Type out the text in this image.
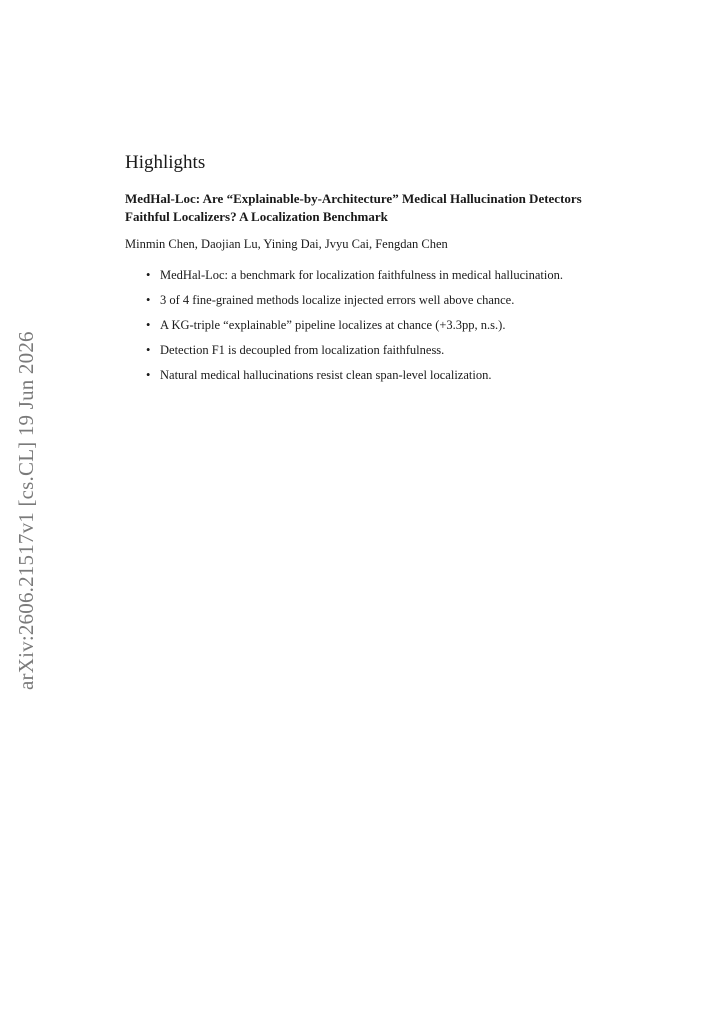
arXiv:2606.21517v1 [cs.CL] 19 Jun 2026
Highlights
MedHal-Loc: Are “Explainable-by-Architecture” Medical Hallucination Detectors Faithful Localizers? A Localization Benchmark
Minmin Chen, Daojian Lu, Yining Dai, Jvyu Cai, Fengdan Chen
• MedHal-Loc: a benchmark for localization faithfulness in medical hallucination.
• 3 of 4 fine-grained methods localize injected errors well above chance.
• A KG-triple “explainable” pipeline localizes at chance (+3.3pp, n.s.).
• Detection F1 is decoupled from localization faithfulness.
• Natural medical hallucinations resist clean span-level localization.
